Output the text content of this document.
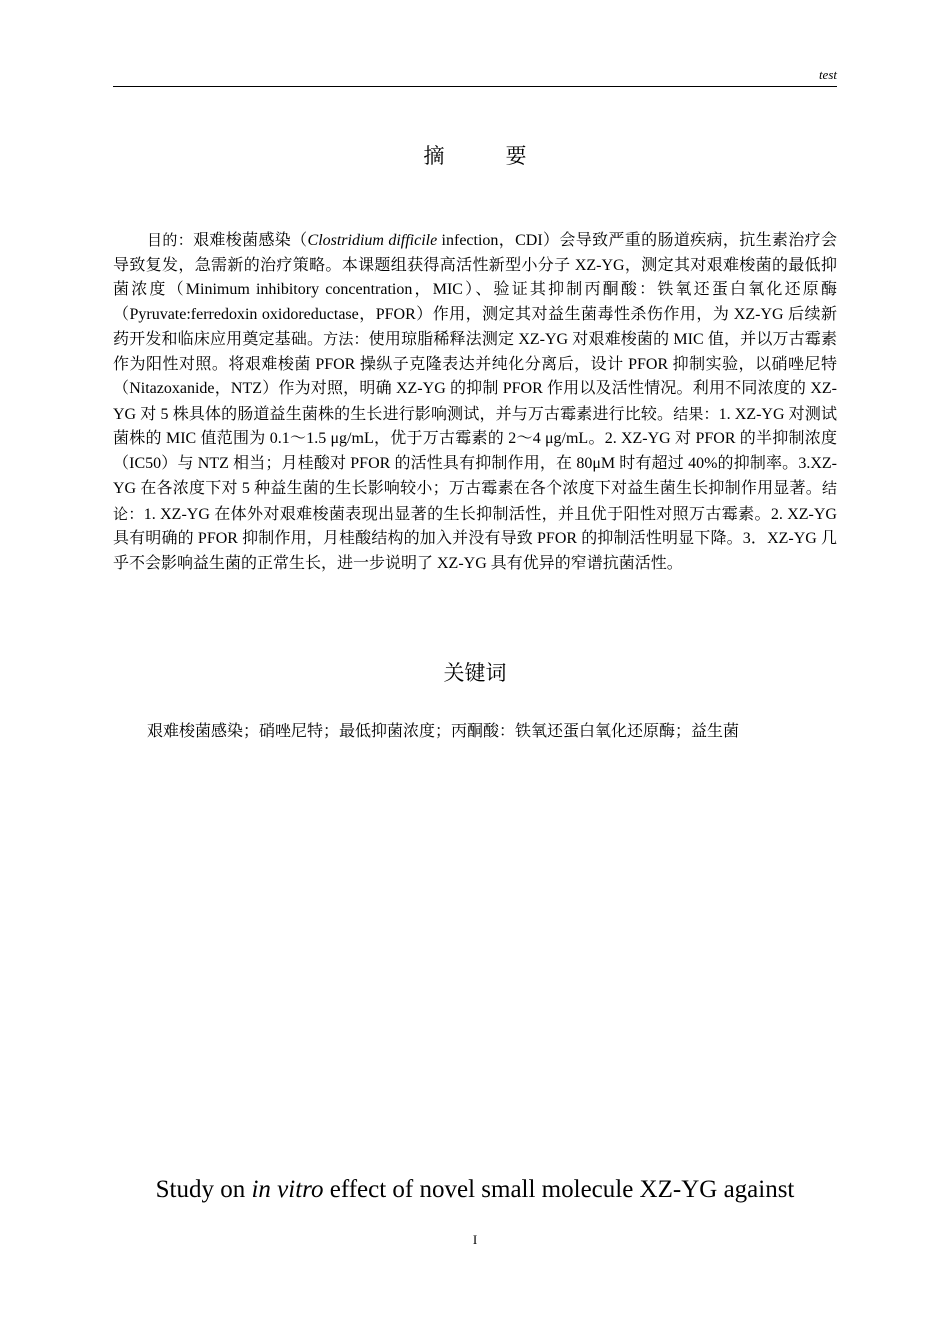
test
摘　要

目的：艰难梭菌感染（Clostridium difficile infection，CDI）会导致严重的肠道疾病，抗生素治疗会导致复发，急需新的治疗策略。本课题组获得高活性新型小分子 XZ-YG，测定其对艰难梭菌的最低抑菌浓度（Minimum inhibitory concentration，MIC）、验证其抑制丙酮酸：铁氧还蛋白氧化还原酶（Pyruvate:ferredoxin oxidoreductase，PFOR）作用，测定其对益生菌毒性杀伤作用，为 XZ-YG 后续新药开发和临床应用奠定基础。方法：使用琼脂稀释法测定 XZ-YG 对艰难梭菌的 MIC 值，并以万古霉素作为阳性对照。将艰难梭菌 PFOR 操纵子克隆表达并纯化分离后，设计 PFOR 抑制实验，以硝唑尼特（Nitazoxanide，NTZ）作为对照，明确 XZ-YG 的抑制 PFOR 作用以及活性情况。利用不同浓度的 XZ-YG 对 5 株具体的肠道益生菌株的生长进行影响测试，并与万古霉素进行比较。结果：1. XZ-YG 对测试菌株的 MIC 值范围为 0.1～1.5 μg/mL，优于万古霉素的 2～4 μg/mL。2. XZ-YG 对 PFOR 的半抑制浓度（IC50）与 NTZ 相当；月桂酸对 PFOR 的活性具有抑制作用，在 80μM 时有超过 40%的抑制率。3.XZ-YG 在各浓度下对 5 种益生菌的生长影响较小；万古霉素在各个浓度下对益生菌生长抑制作用显著。结论：1. XZ-YG 在体外对艰难梭菌表现出显著的生长抑制活性，并且优于阳性对照万古霉素。2. XZ-YG 具有明确的 PFOR 抑制作用，月桂酸结构的加入并没有导致 PFOR 的抑制活性明显下降。3．XZ-YG 几乎不会影响益生菌的正常生长，进一步说明了 XZ-YG 具有优异的窄谱抗菌活性。

关键词

艰难梭菌感染；硝唑尼特；最低抑菌浓度；丙酮酸：铁氧还蛋白氧化还原酶；益生菌

Study on in vitro effect of novel small molecule XZ-YG against
I
